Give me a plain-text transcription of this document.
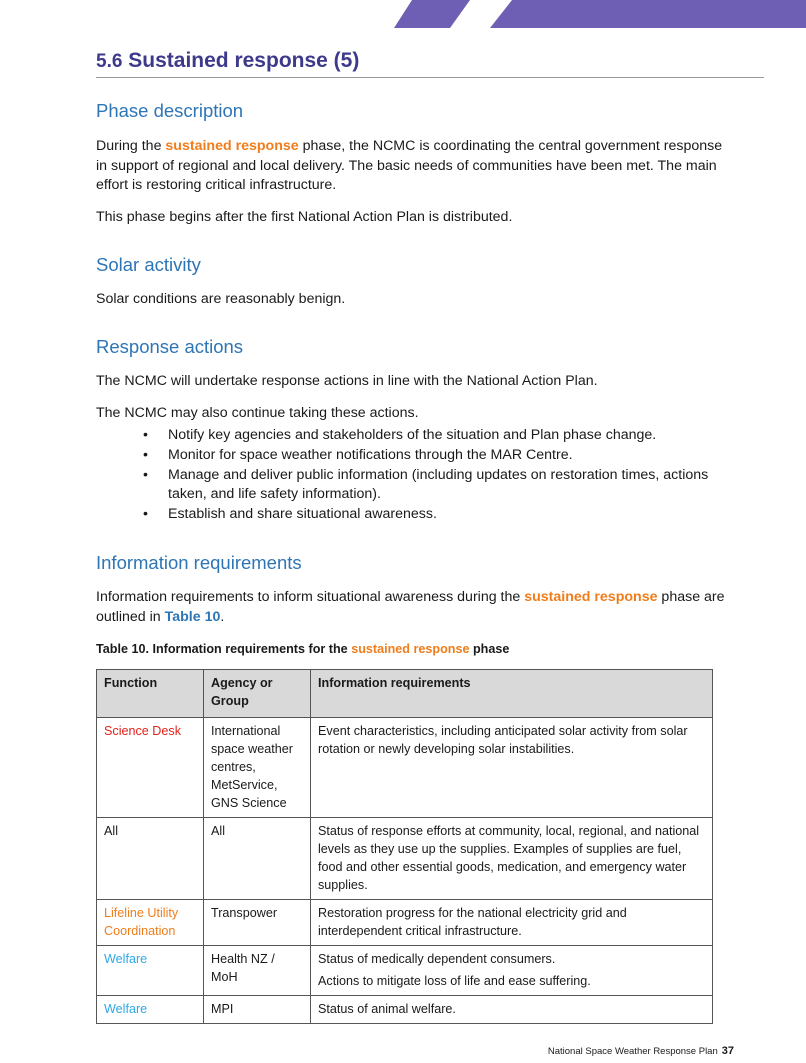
5.6 Sustained response (5)
Phase description

During the sustained response phase, the NCMC is coordinating the central government response in support of regional and local delivery. The basic needs of communities have been met. The main effort is restoring critical infrastructure.

This phase begins after the first National Action Plan is distributed.

Solar activity

Solar conditions are reasonably benign.

Response actions

The NCMC will undertake response actions in line with the National Action Plan.

The NCMC may also continue taking these actions.

• Notify key agencies and stakeholders of the situation and Plan phase change.
• Monitor for space weather notifications through the MAR Centre.
• Manage and deliver public information (including updates on restoration times, actions taken, and life safety information).
• Establish and share situational awareness.
Information requirements

Information requirements to inform situational awareness during the sustained response phase are outlined in Table 10.

Table 10. Information requirements for the sustained response phase

Function	Agency or Group	Information requirements
Science Desk	International space weather centres, MetService, GNS Science	Event characteristics, including anticipated solar activity from solar rotation or newly developing solar instabilities.

All	All	Status of response efforts at community, local, regional, and national levels as they use up the supplies. Examples of supplies are fuel, food and other essential goods, medication, and emergency water supplies.

Lifeline Utility Coordination	Transpower	Restoration progress for the national electricity grid and interdependent critical infrastructure.

Welfare	Health NZ / MoH	Status of medically dependent consumers.
Actions to mitigate loss of life and ease suffering.

Welfare	MPI	Status of animal welfare.
National Space Weather Response Plan 37
